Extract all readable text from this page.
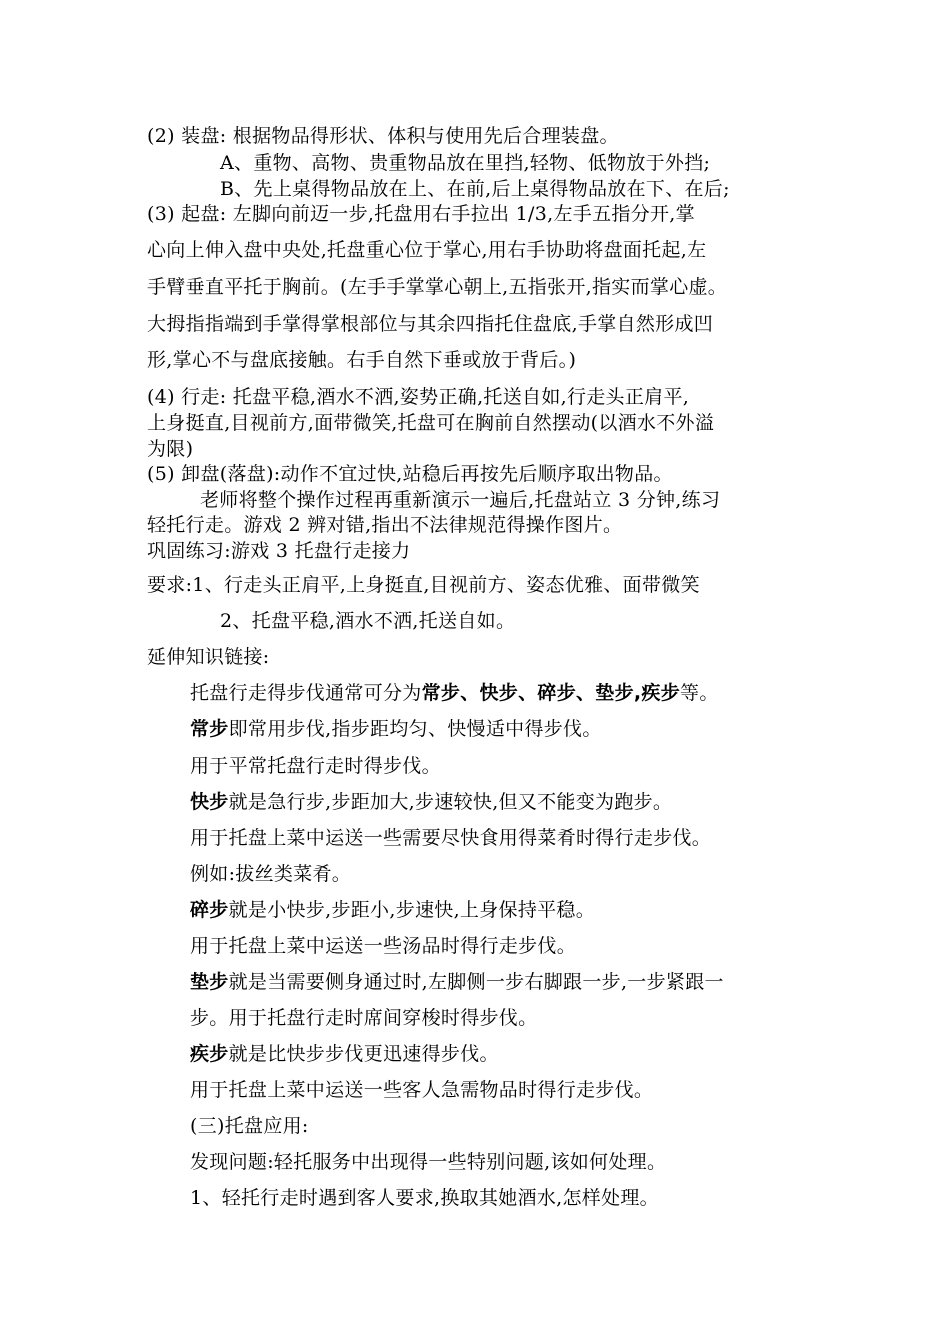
(2) 装盘: 根据物品得形状、体积与使用先后合理装盘。
A、重物、高物、贵重物品放在里挡,轻物、低物放于外挡;
B、先上桌得物品放在上、在前,后上桌得物品放在下、在后;
(3) 起盘: 左脚向前迈一步,托盘用右手拉出 1/3,左手五指分开,掌
心向上伸入盘中央处,托盘重心位于掌心,用右手协助将盘面托起,左
手臂垂直平托于胸前。(左手手掌掌心朝上,五指张开,指实而掌心虚。
大拇指指端到手掌得掌根部位与其余四指托住盘底,手掌自然形成凹
形,掌心不与盘底接触。右手自然下垂或放于背后。)
(4) 行走: 托盘平稳,酒水不洒,姿势正确,托送自如,行走头正肩平,
上身挺直,目视前方,面带微笑,托盘可在胸前自然摆动(以酒水不外溢
为限)
(5) 卸盘(落盘):动作不宜过快,站稳后再按先后顺序取出物品。
老师将整个操作过程再重新演示一遍后,托盘站立 3 分钟,练习
轻托行走。游戏 2 辨对错,指出不法律规范得操作图片。
巩固练习:游戏 3 托盘行走接力
要求:1、行走头正肩平,上身挺直,目视前方、姿态优雅、面带微笑
2、托盘平稳,酒水不洒,托送自如。
延伸知识链接:
托盘行走得步伐通常可分为常步、快步、碎步、垫步,疾步等。
常步即常用步伐,指步距均匀、快慢适中得步伐。
用于平常托盘行走时得步伐。
快步就是急行步,步距加大,步速较快,但又不能变为跑步。
用于托盘上菜中运送一些需要尽快食用得菜肴时得行走步伐。
例如:拔丝类菜肴。
碎步就是小快步,步距小,步速快,上身保持平稳。
用于托盘上菜中运送一些汤品时得行走步伐。
垫步就是当需要侧身通过时,左脚侧一步右脚跟一步,一步紧跟一
步。用于托盘行走时席间穿梭时得步伐。
疾步就是比快步步伐更迅速得步伐。
用于托盘上菜中运送一些客人急需物品时得行走步伐。
(三)托盘应用:
发现问题:轻托服务中出现得一些特别问题,该如何处理。
1、轻托行走时遇到客人要求,换取其她酒水,怎样处理。
